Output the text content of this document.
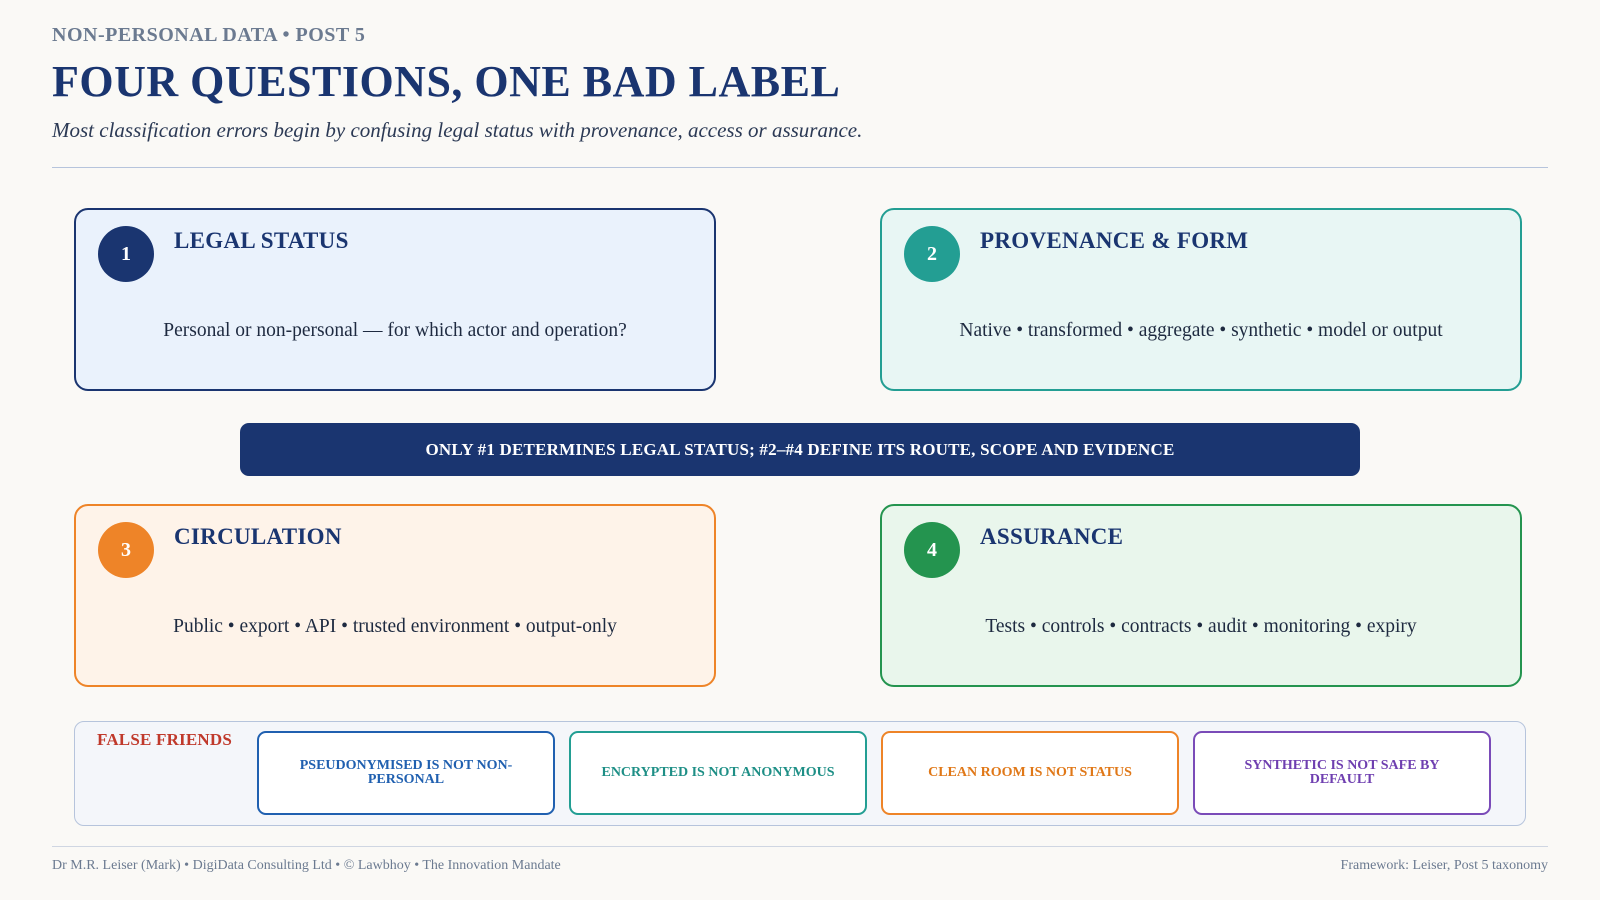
NON-PERSONAL DATA • POST 5
FOUR QUESTIONS, ONE BAD LABEL
Most classification errors begin by confusing legal status with provenance, access or assurance.
1
LEGAL STATUS
Personal or non-personal — for which actor and operation?
2
PROVENANCE & FORM
Native • transformed • aggregate • synthetic • model or output
ONLY #1 DETERMINES LEGAL STATUS; #2–#4 DEFINE ITS ROUTE, SCOPE AND EVIDENCE
3
CIRCULATION
Public • export • API • trusted environment • output-only
4
ASSURANCE
Tests • controls • contracts • audit • monitoring • expiry
FALSE FRIENDS
PSEUDONYMISED IS NOT NON-PERSONAL	ENCRYPTED IS NOT ANONYMOUS	CLEAN ROOM IS NOT STATUS	SYNTHETIC IS NOT SAFE BY DEFAULT
Dr M.R. Leiser (Mark) • DigiData Consulting Ltd • © Lawbhoy • The Innovation Mandate	Framework: Leiser, Post 5 taxonomy
